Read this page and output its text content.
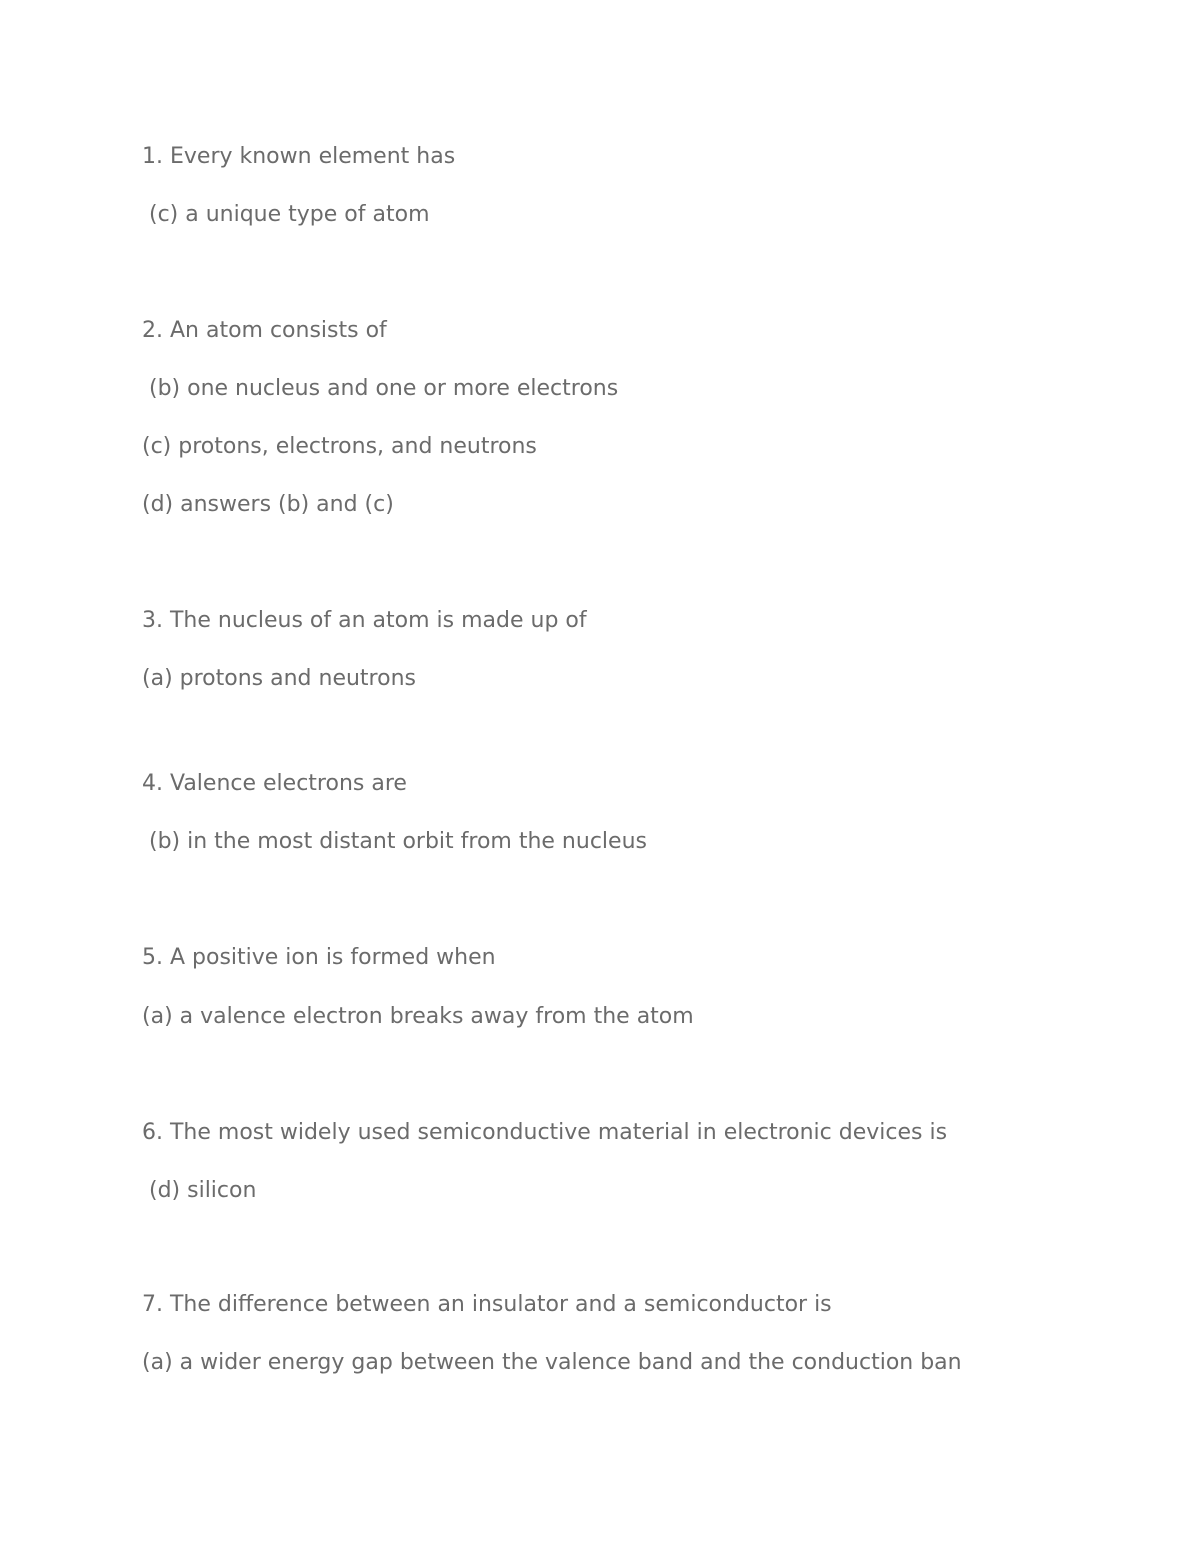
1. Every known element has
(c) a unique type of atom
2. An atom consists of
(b) one nucleus and one or more electrons
(c) protons, electrons, and neutrons
(d) answers (b) and (c)
3. The nucleus of an atom is made up of
(a) protons and neutrons
4. Valence electrons are
(b) in the most distant orbit from the nucleus
5. A positive ion is formed when
(a) a valence electron breaks away from the atom
6. The most widely used semiconductive material in electronic devices is
(d) silicon
7. The difference between an insulator and a semiconductor is
(a) a wider energy gap between the valence band and the conduction ban
